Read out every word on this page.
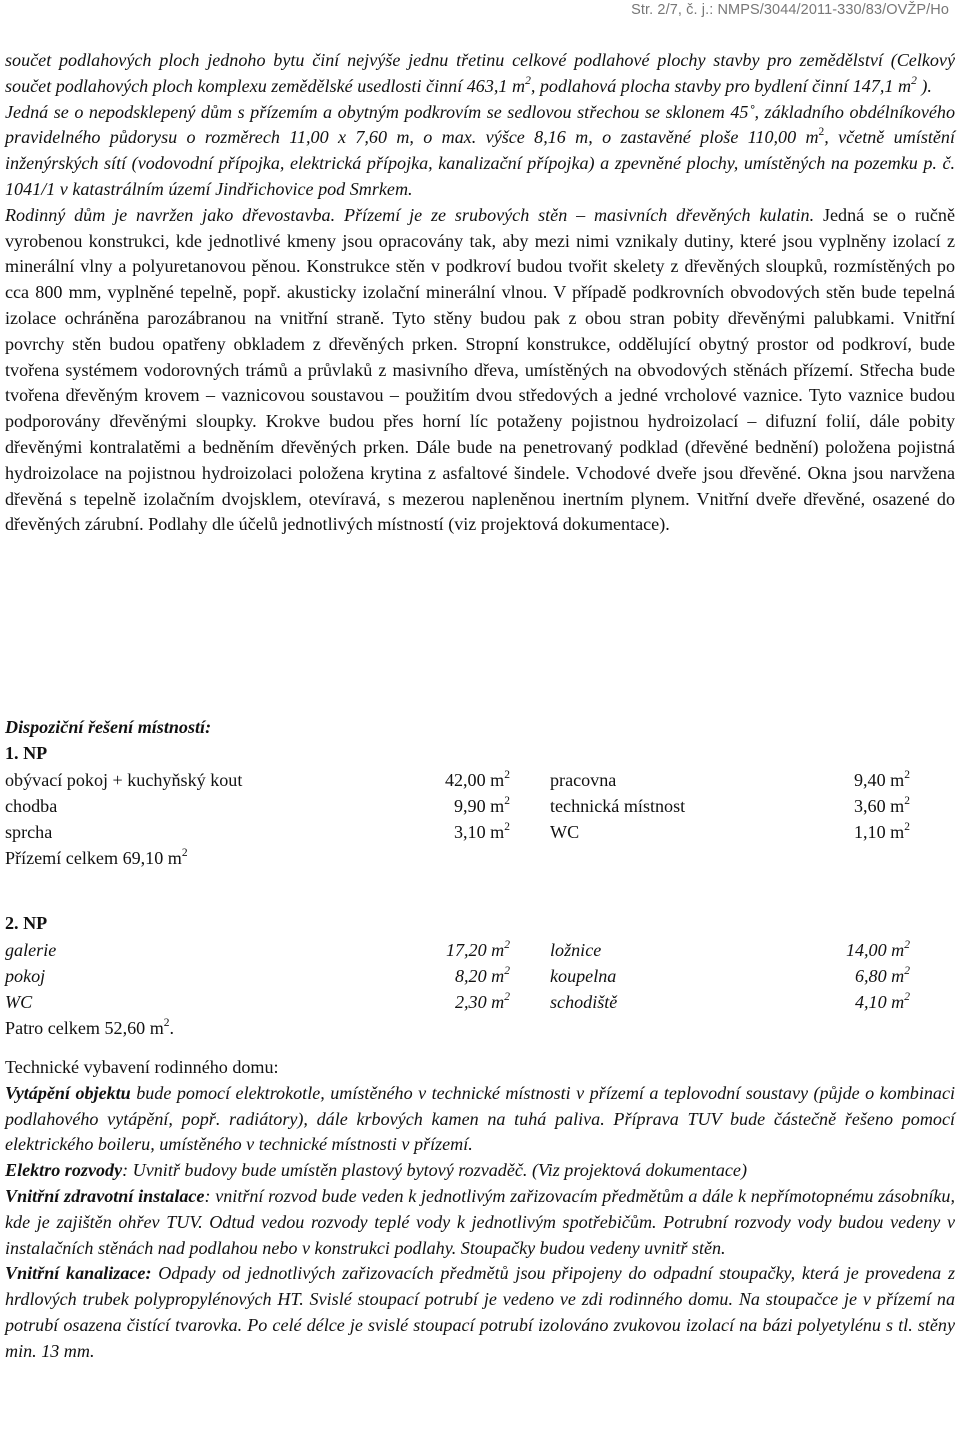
Str. 2/7, č. j.: NMPS/3044/2011-330/83/OVŽP/Ho

součet podlahových ploch jednoho bytu činí nejvýše jednu třetinu celkové podlahové plochy stavby pro zemědělství (Celkový součet podlahových ploch komplexu zemědělské usedlosti činní 463,1 $m^2$, podlahová plocha stavby pro bydlení činní 147,1 $m^2$ ).

Jedná se o nepodsklepený dům s přízemím a obytným podkrovím se sedlovou střechou se sklonem 45˚, základního obdélníkového pravidelného půdorysu o rozměrech 11,00 x 7,60 m, o max. výšce 8,16 m, o zastavěné ploše 110,00 $m^2$, včetně umístění inženýrských sítí (vodovodní přípojka, elektrická přípojka, kanalizační přípojka) a zpevněné plochy, umístěných na pozemku p. č. 1041/1 v katastrálním území Jindřichovice pod Smrkem.

Rodinný dům je navržen jako dřevostavba. Přízemí je ze srubových stěn – masivních dřevěných kulatin. Jedná se o ručně vyrobenou konstrukci, kde jednotlivé kmeny jsou opracovány tak, aby mezi nimi vznikaly dutiny, které jsou vyplněny izolací z minerální vlny a polyuretanovou pěnou. Konstrukce stěn v podkroví budou tvořit skelety z dřevěných sloupků, rozmístěných po cca 800 mm, vyplněné tepelně, popř. akusticky izolační minerální vlnou. V případě podkrovních obvodových stěn bude tepelná izolace ochráněna parozábranou na vnitřní straně. Tyto stěny budou pak z obou stran pobity dřevěnými palubkami. Vnitřní povrchy stěn budou opatřeny obkladem z dřevěných prken. Stropní konstrukce, oddělující obytný prostor od podkroví, bude tvořena systémem vodorovných trámů a průvlaků z masivního dřeva, umístěných na obvodových stěnách přízemí. Střecha bude tvořena dřevěným krovem – vaznicovou soustavou – použitím dvou středových a jedné vrcholové vaznice. Tyto vaznice budou podporovány dřevěnými sloupky. Krokve budou přes horní líc potaženy pojistnou hydroizolací – difuzní folií, dále pobity dřevěnými kontralatěmi a bedněním dřevěných prken. Dále bude na penetrovaný podklad (dřevěné bednění) položena pojistná hydroizolace na pojistnou hydroizolaci položena krytina z asfaltové šindele. Vchodové dveře jsou dřevěné. Okna jsou narvžena dřevěná s tepelně izolačním dvojsklem, otevíravá, s mezerou napleněnou inertním plynem. Vnitřní dveře dřevěné, osazené do dřevěných zárubní. Podlahy dle účelů jednotlivých místností (viz projektová dokumentace).

Dispoziční řešení místností:
1. NP
obývací pokoj + kuchyňský kout	42,00 $m^2$	pracovna	9,40 $m^2$
chodba	9,90 $m^2$	technická místnost	3,60 $m^2$
sprcha	3,10 $m^2$	WC	1,10 $m^2$
Přízemí celkem 69,10 $m^2$
2. NP
galerie	17,20 $m^2$	ložnice	14,00 $m^2$
pokoj	8,20 $m^2$	koupelna	6,80 $m^2$
WC	2,30 $m^2$	schodiště	4,10 $m^2$
Patro celkem 52,60 $m^2$.

Technické vybavení rodinného domu:

Vytápění objektu bude pomocí elektrokotle, umístěného v technické místnosti v přízemí a teplovodní soustavy (půjde o kombinaci podlahového vytápění, popř. radiátory), dále krbových kamen na tuhá paliva. Příprava TUV bude částečně řešeno pomocí elektrického boileru, umístěného v technické místnosti v přízemí.

Elektro rozvody: Uvnitř budovy bude umístěn plastový bytový rozvaděč. (Viz projektová dokumentace)

Vnitřní zdravotní instalace: vnitřní rozvod bude veden k jednotlivým zařizovacím předmětům a dále k nepřímotopnému zásobníku, kde je zajištěn ohřev TUV. Odtud vedou rozvody teplé vody k jednotlivým spotřebičům. Potrubní rozvody vody budou vedeny v instalačních stěnách nad podlahou nebo v konstrukci podlahy. Stoupačky budou vedeny uvnitř stěn.

Vnitřní kanalizace: Odpady od jednotlivých zařizovacích předmětů jsou připojeny do odpadní stoupačky, která je provedena z hrdlových trubek polypropylénových HT. Svislé stoupací potrubí je vedeno ve zdi rodinného domu. Na stoupačce je v přízemí na potrubí osazena čistící tvarovka. Po celé délce je svislé stoupací potrubí izolováno zvukovou izolací na bázi polyetylénu s tl. stěny min. 13 mm.
